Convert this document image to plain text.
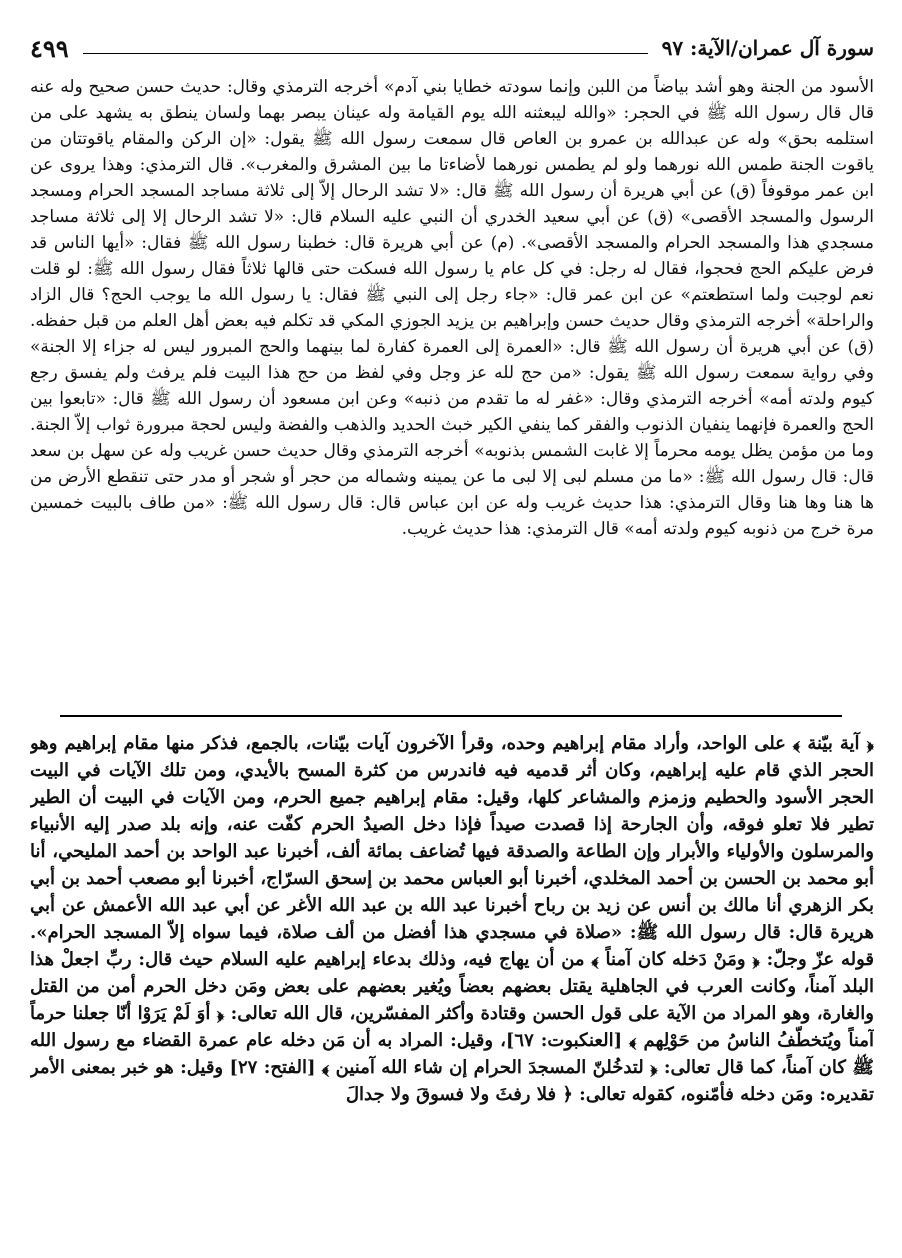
سورة آل عمران/الآية: ٩٧
٤٩٩
الأسود من الجنة وهو أشد بياضاً من اللبن وإنما سودته خطايا بني آدم» أخرجه الترمذي وقال: حديث حسن صحيح وله عنه قال قال رسول الله ﷺ في الحجر: «والله ليبعثنه الله يوم القيامة وله عينان يبصر بهما ولسان ينطق به يشهد على من استلمه بحق» وله عن عبدالله بن عمرو بن العاص قال سمعت رسول الله ﷺ يقول: «إن الركن والمقام ياقوتتان من ياقوت الجنة طمس الله نورهما ولو لم يطمس نورهما لأضاءتا ما بين المشرق والمغرب». قال الترمذي: وهذا يروى عن ابن عمر موقوفاً (ق) عن أبي هريرة أن رسول الله ﷺ قال: «لا تشد الرحال إلاّ إلى ثلاثة مساجد المسجد الحرام ومسجد الرسول والمسجد الأقصى» (ق) عن أبي سعيد الخدري أن النبي عليه السلام قال: «لا تشد الرحال إلا إلى ثلاثة مساجد مسجدي هذا والمسجد الحرام والمسجد الأقصى». (م) عن أبي هريرة قال: خطبنا رسول الله ﷺ فقال: «أيها الناس قد فرض عليكم الحج فحجوا، فقال له رجل: في كل عام يا رسول الله فسكت حتى قالها ثلاثاً فقال رسول الله ﷺ: لو قلت نعم لوجبت ولما استطعتم» عن ابن عمر قال: «جاء رجل إلى النبي ﷺ فقال: يا رسول الله ما يوجب الحج؟ قال الزاد والراحلة» أخرجه الترمذي وقال حديث حسن وإبراهيم بن يزيد الجوزي المكي قد تكلم فيه بعض أهل العلم من قبل حفظه. (ق) عن أبي هريرة أن رسول الله ﷺ قال: «العمرة إلى العمرة كفارة لما بينهما والحج المبرور ليس له جزاء إلا الجنة» وفي رواية سمعت رسول الله ﷺ يقول: «من حج لله عز وجل وفي لفظ من حج هذا البيت فلم يرفث ولم يفسق رجع كيوم ولدته أمه» أخرجه الترمذي وقال: «غفر له ما تقدم من ذنبه» وعن ابن مسعود أن رسول الله ﷺ قال: «تابعوا بين الحج والعمرة فإنهما ينفيان الذنوب والفقر كما ينفي الكير خبث الحديد والذهب والفضة وليس لحجة مبرورة ثواب إلاّ الجنة. وما من مؤمن يظل يومه محرماً إلا غابت الشمس بذنوبه» أخرجه الترمذي وقال حديث حسن غريب وله عن سهل بن سعد قال: قال رسول الله ﷺ: «ما من مسلم لبى إلا لبى ما عن يمينه وشماله من حجر أو شجر أو مدر حتى تنقطع الأرض من ها هنا وها هنا وقال الترمذي: هذا حديث غريب وله عن ابن عباس قال: قال رسول الله ﷺ: «من طاف بالبيت خمسين مرة خرج من ذنوبه كيوم ولدته أمه» قال الترمذي: هذا حديث غريب.
﴿ آية بيّنة ﴾ على الواحد، وأراد مقام إبراهيم وحده، وقرأ الآخرون آيات بيّنات، بالجمع، فذكر منها مقام إبراهيم وهو الحجر الذي قام عليه إبراهيم، وكان أثر قدميه فيه فاندرس من كثرة المسح بالأيدي، ومن تلك الآيات في البيت الحجر الأسود والحطيم وزمزم والمشاعر كلها، وقيل: مقام إبراهيم جميع الحرم، ومن الآيات في البيت أن الطير تطير فلا تعلو فوقه، وأن الجارحة إذا قصدت صيداً فإذا دخل الصيدُ الحرم كفّت عنه، وإنه بلد صدر إليه الأنبياء والمرسلون والأولياء والأبرار وإن الطاعة والصدقة فيها تُضاعف بمائة ألف، أخبرنا عبد الواحد بن أحمد المليحي، أنا أبو محمد بن الحسن بن أحمد المخلدي، أخبرنا أبو العباس محمد بن إسحق السرّاج، أخبرنا أبو مصعب أحمد بن أبي بكر الزهري أنا مالك بن أنس عن زيد بن رباح أخبرنا عبد الله بن عبد الله الأغر عن أبي عبد الله الأعمش عن أبي هريرة قال: قال رسول الله ﷺ: «صلاة في مسجدي هذا أفضل من ألف صلاة، فيما سواه إلاّ المسجد الحرام». قوله عزّ وجلّ: ﴿ ومَنْ دَخله كان آمناً ﴾ من أن يهاج فيه، وذلك بدعاء إبراهيم عليه السلام حيث قال: ربِّ اجعلْ هذا البلد آمناً، وكانت العرب في الجاهلية يقتل بعضهم بعضاً ويُغير بعضهم على بعض ومَن دخل الحرم أمن من القتل والغارة، وهو المراد من الآية على قول الحسن وقتادة وأكثر المفسّرين، قال الله تعالى: ﴿ أوَ لَمْ يَرَوْا أنّا جعلنا حرماً آمناً ويُتخطّفُ الناسُ من حَوْلِهم ﴾ [العنكبوت: ٦٧]، وقيل: المراد به أن مَن دخله عام عمرة القضاء مع رسول الله ﷺ كان آمناً، كما قال تعالى: ﴿ لتدخُلنّ المسجدَ الحرام إن شاء الله آمنين ﴾ [الفتح: ٢٧] وقيل: هو خبر بمعنى الأمر تقديره: ومَن دخله فأمّنوه، كقوله تعالى: ﴿ فلا رفثَ ولا فسوقَ ولا جدالَ
